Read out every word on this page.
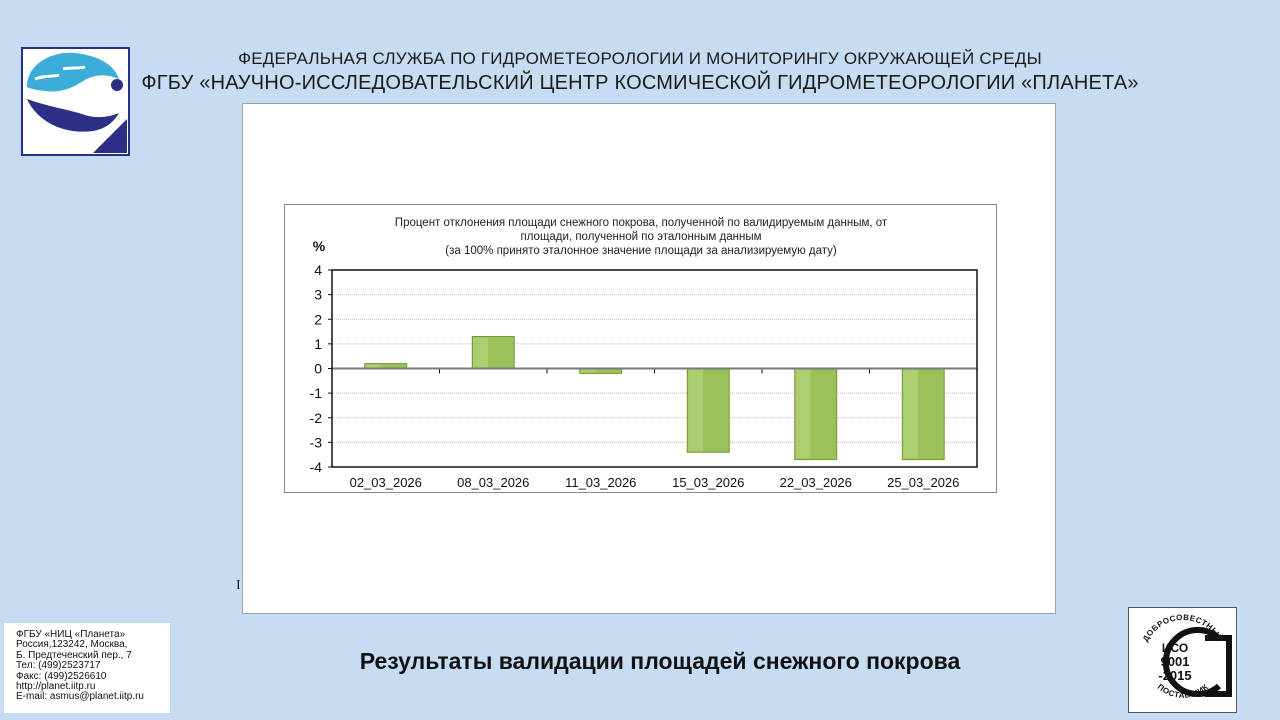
ФЕДЕРАЛЬНАЯ СЛУЖБА ПО ГИДРОМЕТЕОРОЛОГИИ И МОНИТОРИНГУ ОКРУЖАЮЩЕЙ СРЕДЫ
ФГБУ «НАУЧНО-ИССЛЕДОВАТЕЛЬСКИЙ ЦЕНТР КОСМИЧЕСКОЙ ГИДРОМЕТЕОРОЛОГИИ «ПЛАНЕТА»
I
Процент отклонения площади снежного покрова, полученной по валидируемым данным, от
площади, полученной по эталонным данным
(за 100% принято эталонное значение площади за анализируемую дату)
%
4
3
2
1
0
-1
-2
-3
-4
02_03_2026	08_03_2026	11_03_2026	15_03_2026	22_03_2026	25_03_2026
ФГБУ «НИЦ «Планета»
Россия,123242, Москва,
Б. Предтеченский пер., 7
Тел: (499)2523717
Факс: (499)2526610
http://planet.iitp.ru
E-mail: asmus@planet.iitp.ru
Результаты валидации площадей снежного покрова
ДОБРОСОВЕСТНЫЙ
ПОСТАВЩИК
ИСО
9001
-2015
